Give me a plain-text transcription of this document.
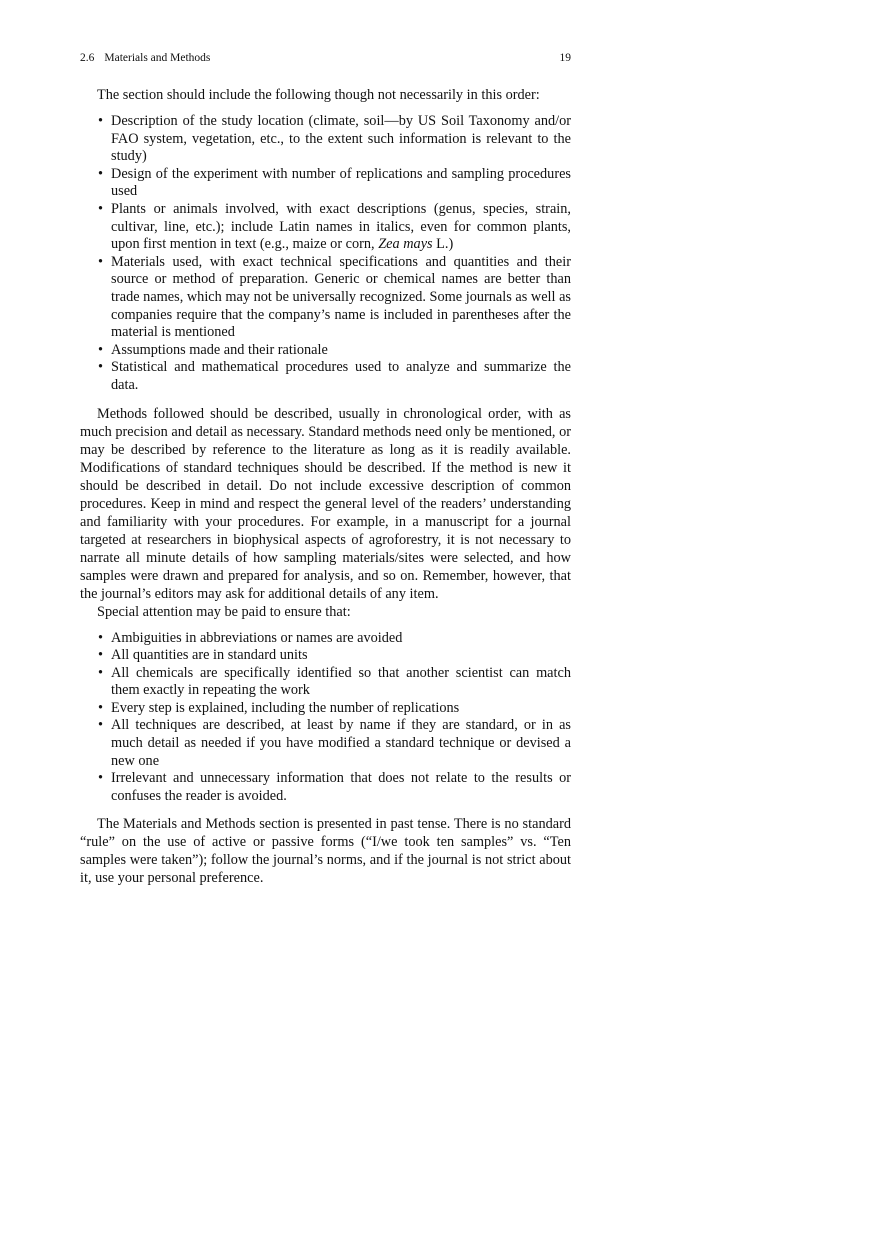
2.6 Materials and Methods	19

The section should include the following though not necessarily in this order:

• Description of the study location (climate, soil—by US Soil Taxonomy and/or FAO system, vegetation, etc., to the extent such information is relevant to the study)
• Design of the experiment with number of replications and sampling procedures used
• Plants or animals involved, with exact descriptions (genus, species, strain, cultivar, line, etc.); include Latin names in italics, even for common plants, upon first mention in text (e.g., maize or corn, Zea mays L.)
• Materials used, with exact technical specifications and quantities and their source or method of preparation. Generic or chemical names are better than trade names, which may not be universally recognized. Some journals as well as companies require that the company’s name is included in parentheses after the material is mentioned
• Assumptions made and their rationale
• Statistical and mathematical procedures used to analyze and summarize the data.

Methods followed should be described, usually in chronological order, with as much precision and detail as necessary. Standard methods need only be mentioned, or may be described by reference to the literature as long as it is readily available. Modifications of standard techniques should be described. If the method is new it should be described in detail. Do not include excessive description of common procedures. Keep in mind and respect the general level of the readers’ understanding and familiarity with your procedures. For example, in a manuscript for a journal targeted at researchers in biophysical aspects of agroforestry, it is not necessary to narrate all minute details of how sampling materials/sites were selected, and how samples were drawn and prepared for analysis, and so on. Remember, however, that the journal’s editors may ask for additional details of any item.

Special attention may be paid to ensure that:

• Ambiguities in abbreviations or names are avoided
• All quantities are in standard units
• All chemicals are specifically identified so that another scientist can match them exactly in repeating the work
• Every step is explained, including the number of replications
• All techniques are described, at least by name if they are standard, or in as much detail as needed if you have modified a standard technique or devised a new one
• Irrelevant and unnecessary information that does not relate to the results or confuses the reader is avoided.

The Materials and Methods section is presented in past tense. There is no standard “rule” on the use of active or passive forms (“I/we took ten samples” vs. “Ten samples were taken”); follow the journal’s norms, and if the journal is not strict about it, use your personal preference.
